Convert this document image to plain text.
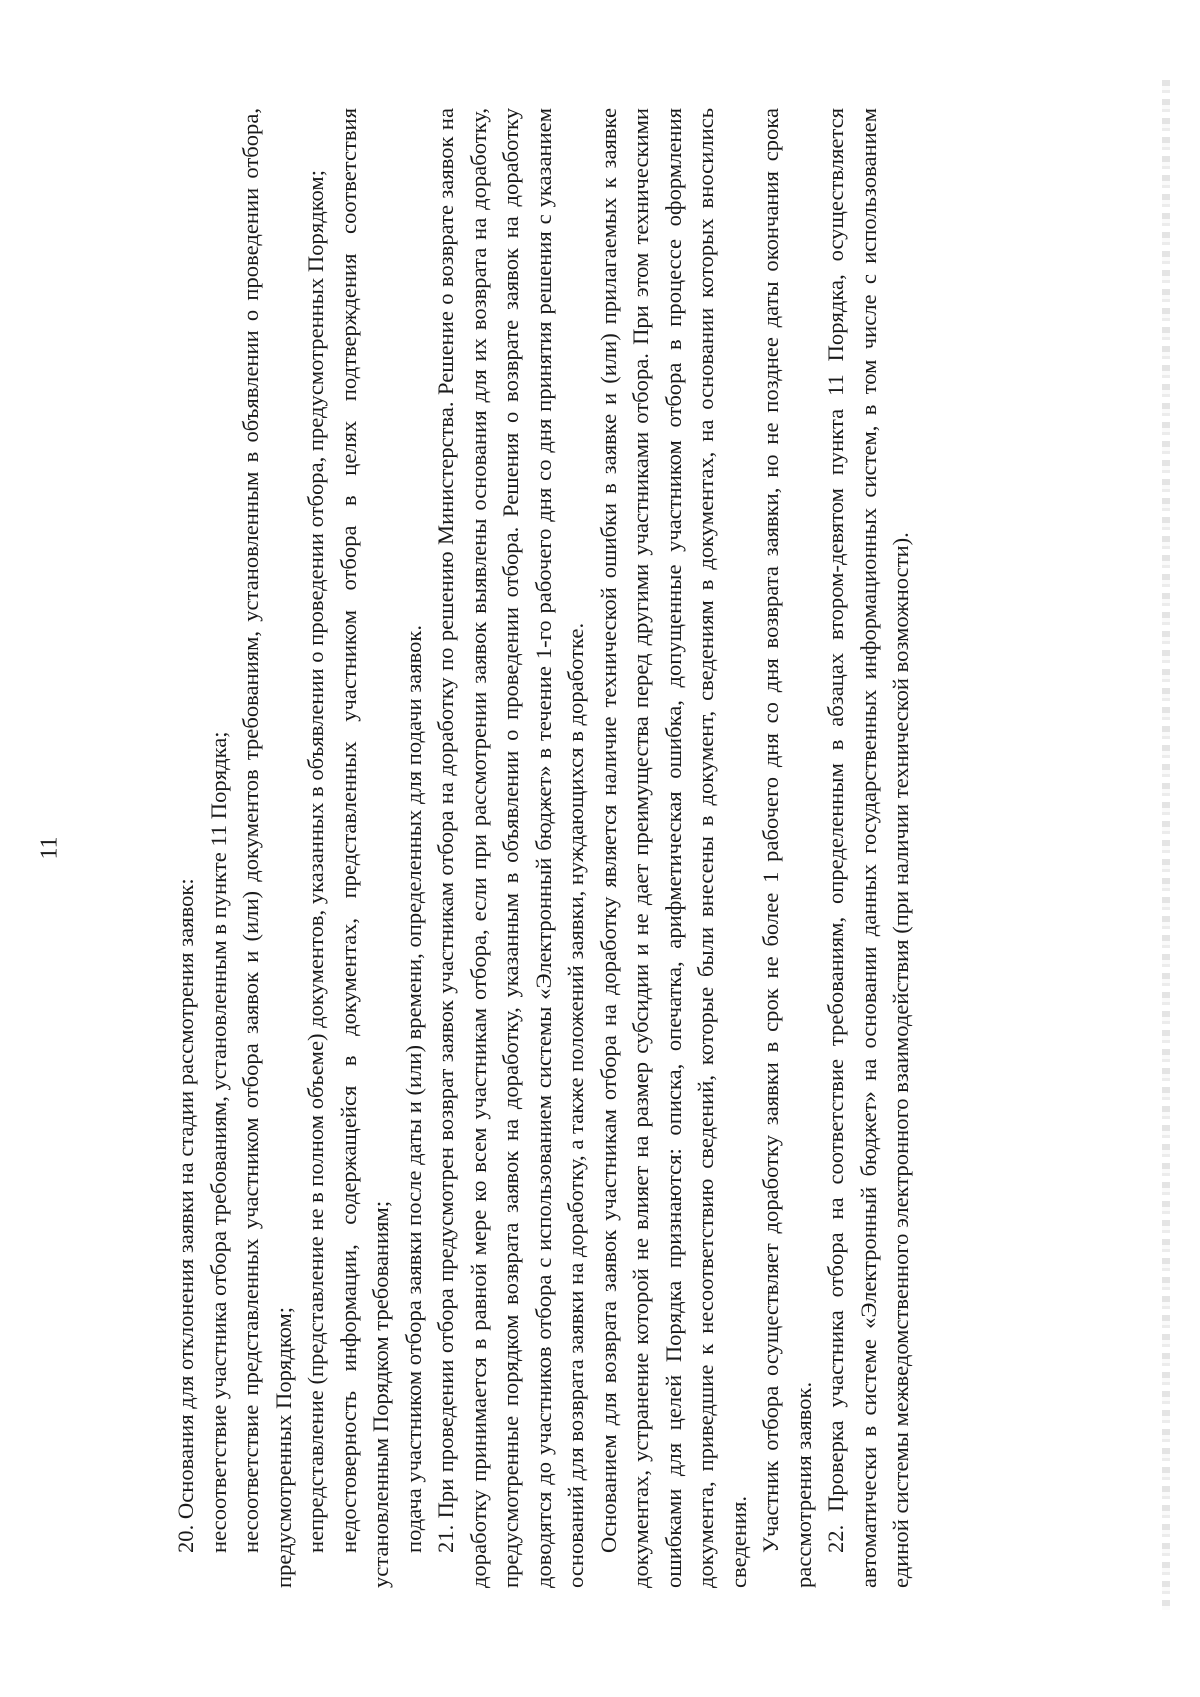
11

20. Основания для отклонения заявки на стадии рассмотрения заявок: несоответствие участника отбора требованиям, установленным в пункте 11 Порядка; несоответствие представленных участником отбора заявок и (или) документов требованиям, установленным в объявлении о проведении отбора, предусмотренных Порядком; непредставление (представление не в полном объеме) документов, указанных в объявлении о проведении отбора, предусмотренных Порядком; недостоверность информации, содержащейся в документах, представленных участником отбора в целях подтверждения соответствия установленным Порядком требованиям; подача участником отбора заявки после даты и (или) времени, определенных для подачи заявок. 21. При проведении отбора предусмотрен возврат заявок участникам отбора на доработку по решению Министерства. Решение о возврате заявок на доработку принимается в равной мере ко всем участникам отбора, если при рассмотрении заявок выявлены основания для их возврата на доработку, предусмотренные порядком возврата заявок на доработку, указанным в объявлении о проведении отбора. Решения о возврате заявок на доработку доводятся до участников отбора с использованием системы «Электронный бюджет» в течение 1-го рабочего дня со дня принятия решения с указанием оснований для возврата заявки на доработку, а также положений заявки, нуждающихся в доработке. Основанием для возврата заявок участникам отбора на доработку является наличие технической ошибки в заявке и (или) прилагаемых к заявке документах, устранение которой не влияет на размер субсидии и не дает преимущества перед другими участниками отбора. При этом техническими ошибками для целей Порядка признаются: описка, опечатка, арифметическая ошибка, допущенные участником отбора в процессе оформления документа, приведшие к несоответствию сведений, которые были внесены в документ, сведениям в документах, на основании которых вносились сведения. Участник отбора осуществляет доработку заявки в срок не более 1 рабочего дня со дня возврата заявки, но не позднее даты окончания срока рассмотрения заявок. 22. Проверка участника отбора на соответствие требованиям, определенным в абзацах втором-девятом пункта 11 Порядка, осуществляется автоматически в системе «Электронный бюджет» на основании данных государственных информационных систем, в том числе с использованием единой системы межведомственного электронного взаимодействия (при наличии технической возможности).
